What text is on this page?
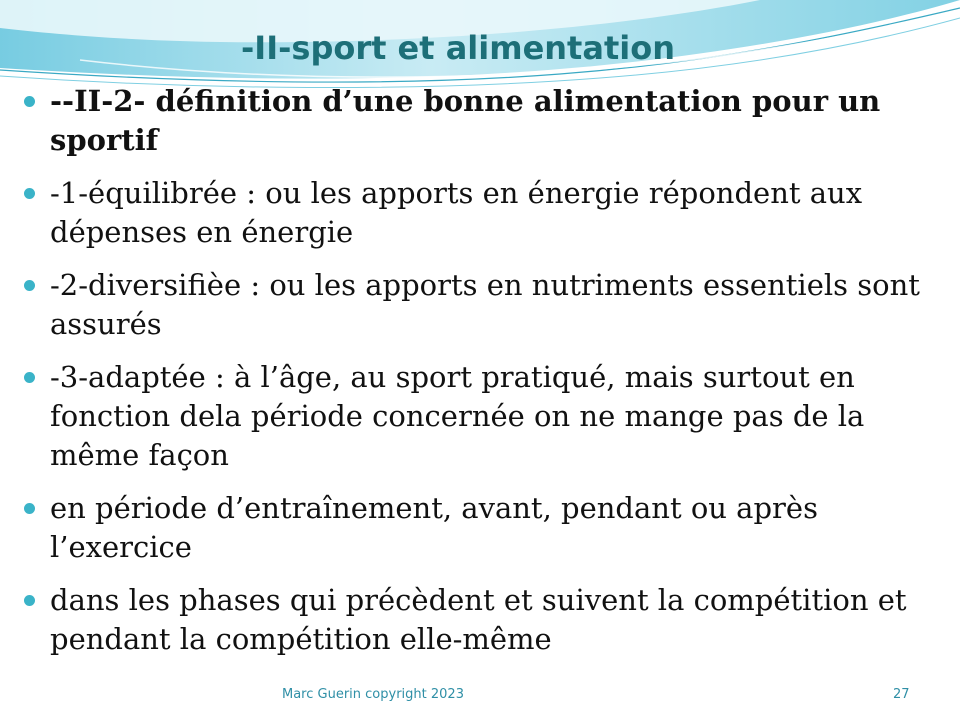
-II-sport et alimentation
--II-2- définition d’une bonne alimentation pour un sportif
-1-équilibrée : ou les apports en énergie répondent aux dépenses en énergie
-2-diversifièe : ou les apports en nutriments essentiels sont assurés
-3-adaptée : à l’âge, au sport pratiqué, mais surtout en fonction dela période concernée on ne mange pas de la même façon
en période d’entraînement, avant, pendant ou après l’exercice
dans les phases qui précèdent et suivent la compétition et pendant la compétition elle-même
Marc Guerin copyright 2023	27
